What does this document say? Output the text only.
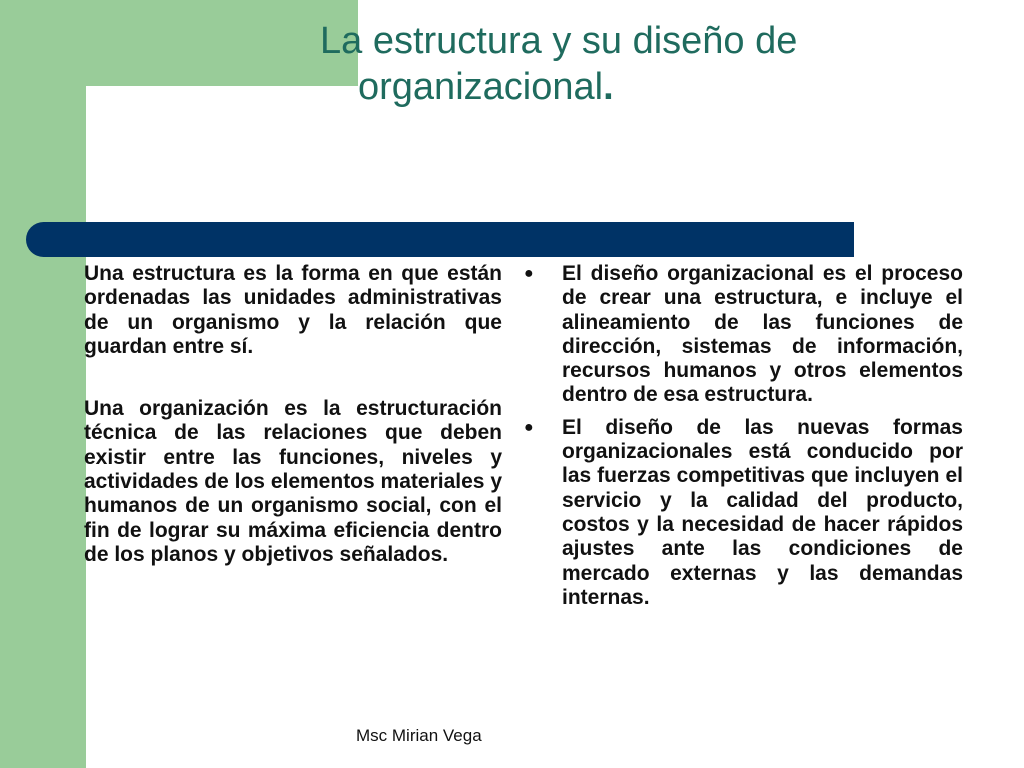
La estructura y su diseño de
organizacional.

Una estructura es la forma en que están ordenadas las unidades administrativas de un organismo y la relación que guardan entre sí.

Una organización es la estructuración técnica de las relaciones que deben existir entre las funciones, niveles y actividades de los elementos materiales y humanos de un organismo social, con el fin de lograr su máxima eficiencia dentro de los planos y objetivos señalados.

● El diseño organizacional es el proceso de crear una estructura, e incluye el alineamiento de las funciones de dirección, sistemas de información, recursos humanos y otros elementos dentro de esa estructura.
● El diseño de las nuevas formas organizacionales está conducido por las fuerzas competitivas que incluyen el servicio y la calidad del producto, costos y la necesidad de hacer rápidos ajustes ante las condiciones de mercado externas y las demandas internas.
Msc Mirian Vega
